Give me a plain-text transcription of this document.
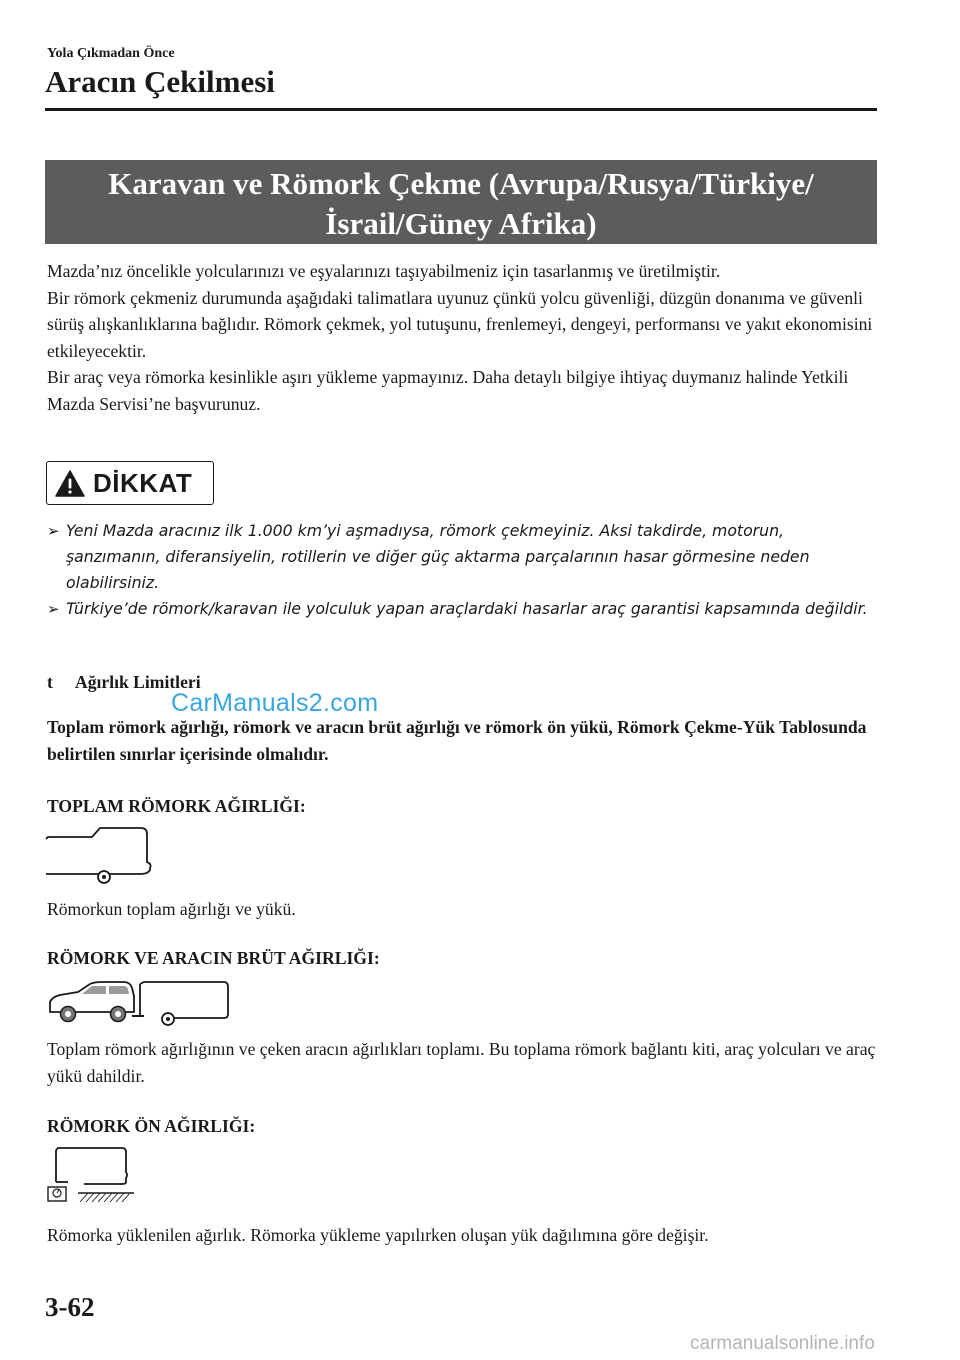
Yola Çıkmadan Önce
Aracın Çekilmesi
Karavan ve Römork Çekme (Avrupa/Rusya/Türkiye/
İsrail/Güney Afrika)

Mazda’nız öncelikle yolcularınızı ve eşyalarınızı taşıyabilmeniz için tasarlanmış ve üretilmiştir.

Bir römork çekmeniz durumunda aşağıdaki talimatlara uyunuz çünkü yolcu güvenliği, düzgün donanıma ve güvenli sürüş alışkanlıklarına bağlıdır. Römork çekmek, yol tutuşunu, frenlemeyi, dengeyi, performansı ve yakıt ekonomisini etkileyecektir.

Bir araç veya römorka kesinlikle aşırı yükleme yapmayınız. Daha detaylı bilgiye ihtiyaç duymanız halinde Yetkili Mazda Servisi’ne başvurunuz.

DİKKAT
➢ Yeni Mazda aracınız ilk 1.000 km’yi aşmadıysa, römork çekmeyiniz. Aksi takdirde, motorun, şanzımanın, diferansiyelin, rotillerin ve diğer güç aktarma parçalarının hasar görmesine neden olabilirsiniz.
➢ Türkiye’de römork/karavan ile yolculuk yapan araçlardaki hasarlar araç garantisi kapsamında değildir.
t	Ağırlık Limitleri
CarManuals2.com
Toplam römork ağırlığı, römork ve aracın brüt ağırlığı ve römork ön yükü, Römork Çekme-Yük Tablosunda belirtilen sınırlar içerisinde olmalıdır.
TOPLAM RÖMORK AĞIRLIĞI:
Römorkun toplam ağırlığı ve yükü.
RÖMORK VE ARACIN BRÜT AĞIRLIĞI:
Toplam römork ağırlığının ve çeken aracın ağırlıkları toplamı. Bu toplama römork bağlantı kiti, araç yolcuları ve araç yükü dahildir.
RÖMORK ÖN AĞIRLIĞI:
Römorka yüklenilen ağırlık. Römorka yükleme yapılırken oluşan yük dağılımına göre değişir.
3-62
carmanualsonline.info
